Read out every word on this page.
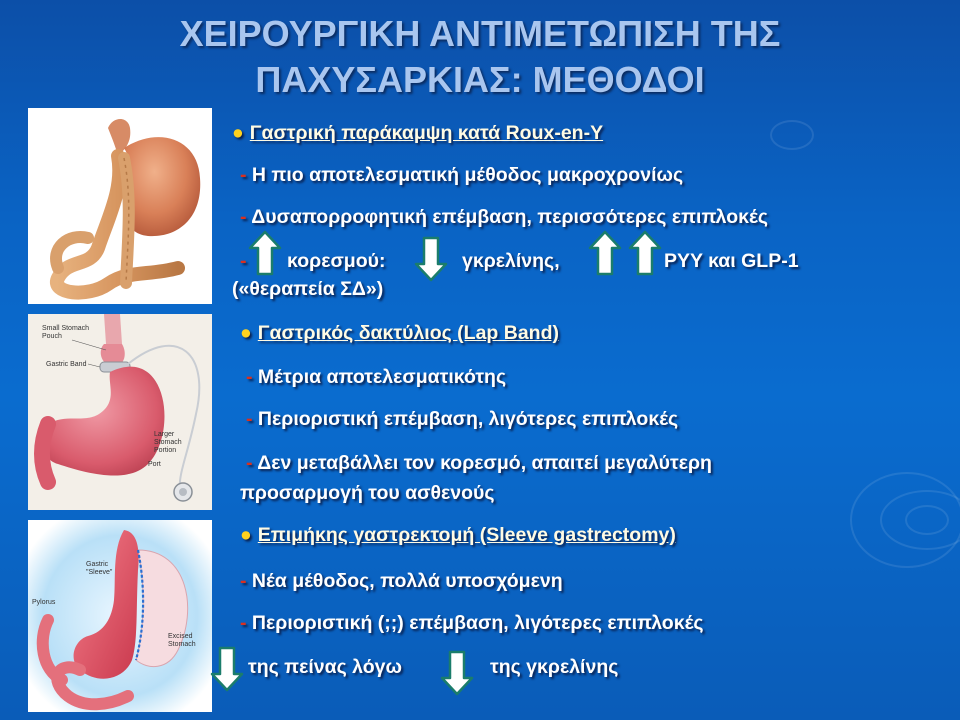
ΧΕΙΡΟΥΡΓΙΚΗ ΑΝΤΙΜΕΤΩΠΙΣΗ ΤΗΣ
ΠΑΧΥΣΑΡΚΙΑΣ: ΜΕΘΟΔΟΙ
Small Stomach
Pouch
Gastric Band
Larger
Stomach
Portion
Port
Gastric
"Sleeve"
Pylorus
Excised
Stomach
● Γαστρική παράκαμψη κατά Roux-en-Y
- Η πιο αποτελεσματική μέθοδος μακροχρονίως
- Δυσαπορροφητική επέμβαση, περισσότερες επιπλοκές
- κορεσμού:	γκρελίνης,	PYY και GLP-1
(«θεραπεία ΣΔ»)
● Γαστρικός δακτύλιος (Lap Band)
- Μέτρια αποτελεσματικότης
- Περιοριστική επέμβαση, λιγότερες επιπλοκές
- Δεν μεταβάλλει τον κορεσμό, απαιτεί μεγαλύτερη
προσαρμογή του ασθενούς
● Επιμήκης γαστρεκτομή (Sleeve gastrectomy)
- Νέα μέθοδος, πολλά υποσχόμενη
- Περιοριστική (;;) επέμβαση, λιγότερες επιπλοκές
της πείνας λόγω	της γκρελίνης
